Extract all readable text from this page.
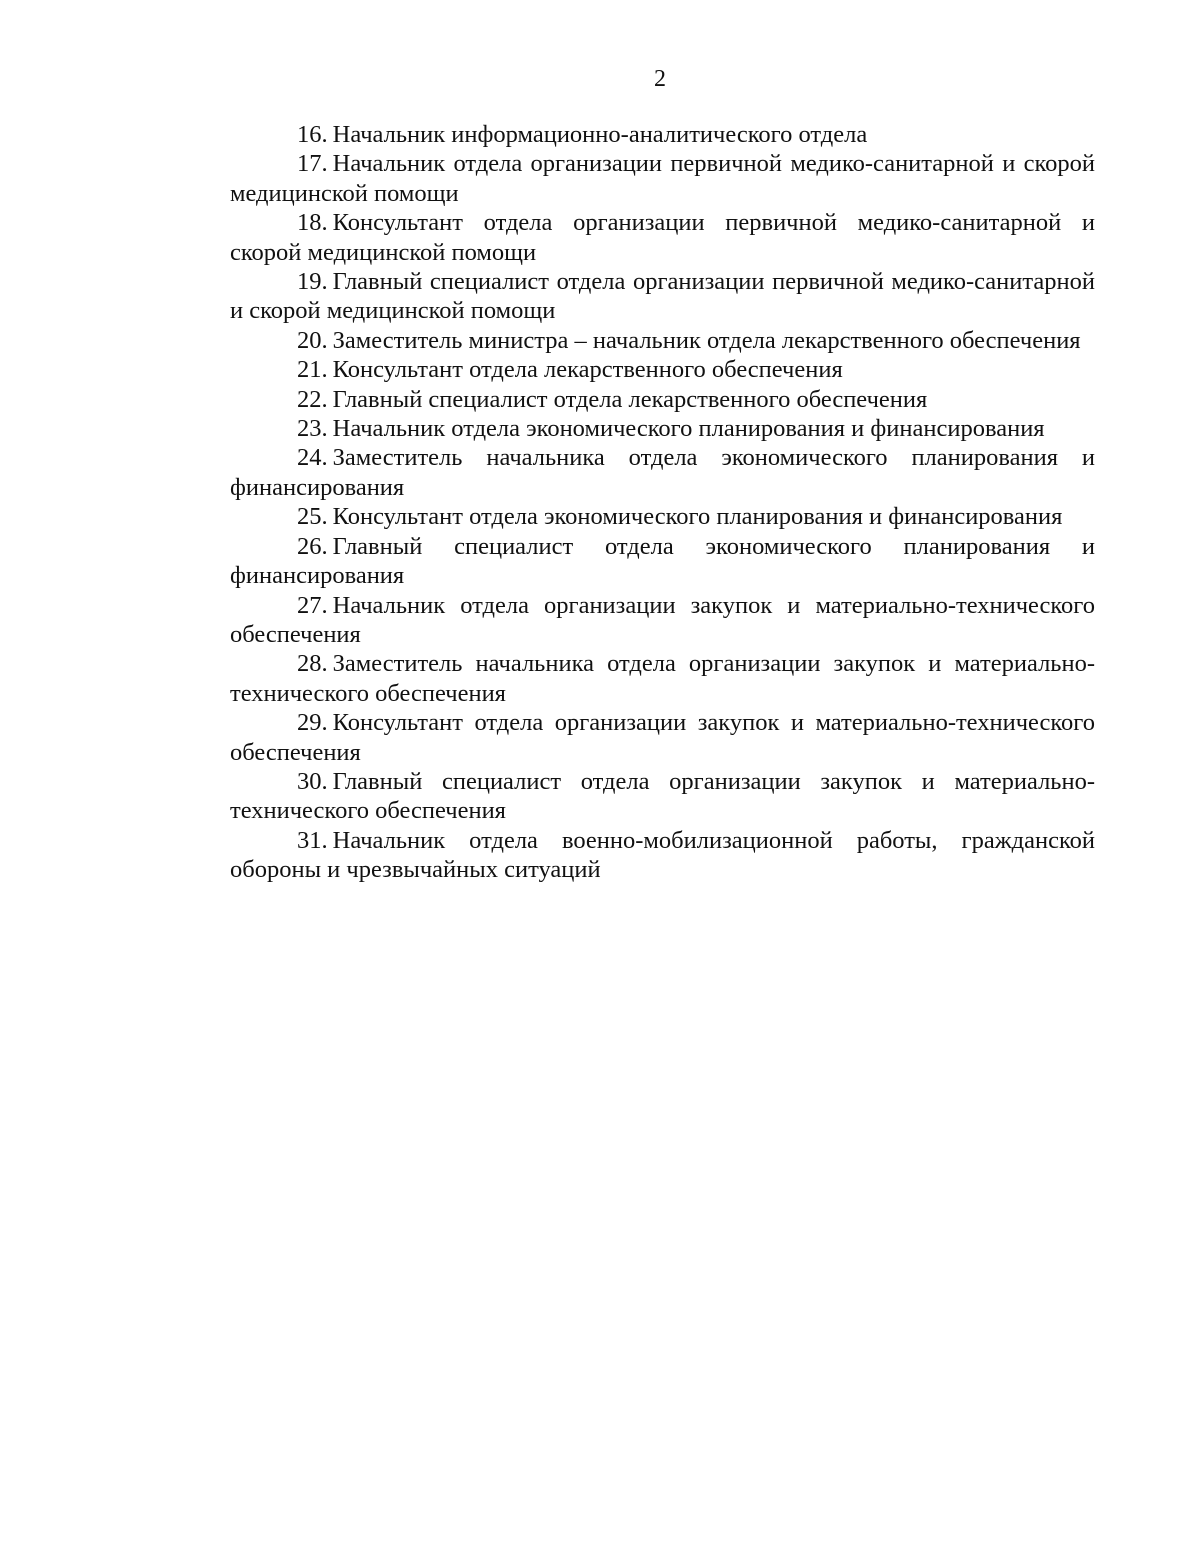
2

16. Начальник информационно-аналитического отдела

17. Начальник отдела организации первичной медико-санитарной и скорой медицинской помощи

18. Консультант отдела организации первичной медико-санитарной и скорой медицинской помощи

19. Главный специалист отдела организации первичной медико-санитарной и скорой медицинской помощи

20. Заместитель министра – начальник отдела лекарственного обеспечения

21. Консультант отдела лекарственного обеспечения

22. Главный специалист отдела лекарственного обеспечения

23. Начальник отдела экономического планирования и финансирования

24. Заместитель начальника отдела экономического планирования и финансирования

25. Консультант отдела экономического планирования и финансирования

26. Главный специалист отдела экономического планирования и финансирования

27. Начальник отдела организации закупок и материально-технического обеспечения

28. Заместитель начальника отдела организации закупок и материально-технического обеспечения

29. Консультант отдела организации закупок и материально-технического обеспечения

30. Главный специалист отдела организации закупок и материально-технического обеспечения

31. Начальник отдела военно-мобилизационной работы, гражданской обороны и чрезвычайных ситуаций
